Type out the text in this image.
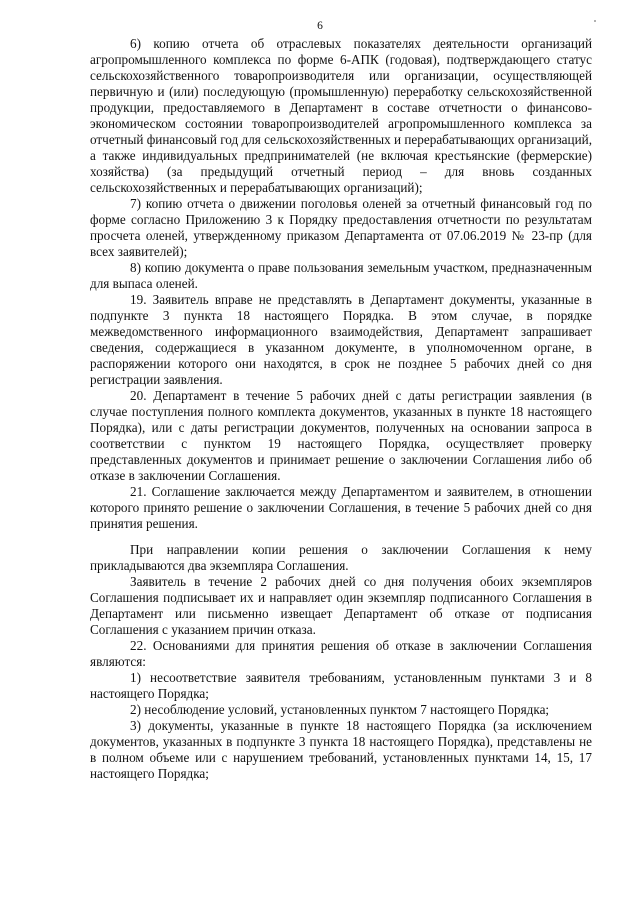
6

6) копию отчета об отраслевых показателях деятельности организаций агропромышленного комплекса по форме 6-АПК (годовая), подтверждающего статус сельскохозяйственного товаропроизводителя или организации, осуществляющей первичную и (или) последующую (промышленную) переработку сельскохозяйственной продукции, предоставляемого в Департамент в составе отчетности о финансово-экономическом состоянии товаропроизводителей агропромышленного комплекса за отчетный финансовый год для сельскохозяйственных и перерабатывающих организаций, а также индивидуальных предпринимателей (не включая крестьянские (фермерские) хозяйства) (за предыдущий отчетный период – для вновь созданных сельскохозяйственных и перерабатывающих организаций);

7) копию отчета о движении поголовья оленей за отчетный финансовый год по форме согласно Приложению 3 к Порядку предоставления отчетности по результатам просчета оленей, утвержденному приказом Департамента от 07.06.2019 № 23-пр (для всех заявителей);

8) копию документа о праве пользования земельным участком, предназначенным для выпаса оленей.

19. Заявитель вправе не представлять в Департамент документы, указанные в подпункте 3 пункта 18 настоящего Порядка. В этом случае, в порядке межведомственного информационного взаимодействия, Департамент запрашивает сведения, содержащиеся в указанном документе, в уполномоченном органе, в распоряжении которого они находятся, в срок не позднее 5 рабочих дней со дня регистрации заявления.

20. Департамент в течение 5 рабочих дней с даты регистрации заявления (в случае поступления полного комплекта документов, указанных в пункте 18 настоящего Порядка), или с даты регистрации документов, полученных на основании запроса в соответствии с пунктом 19 настоящего Порядка, осуществляет проверку представленных документов и принимает решение о заключении Соглашения либо об отказе в заключении Соглашения.

21. Соглашение заключается между Департаментом и заявителем, в отношении которого принято решение о заключении Соглашения, в течение 5 рабочих дней со дня принятия решения.

При направлении копии решения о заключении Соглашения к нему прикладываются два экземпляра Соглашения.

Заявитель в течение 2 рабочих дней со дня получения обоих экземпляров Соглашения подписывает их и направляет один экземпляр подписанного Соглашения в Департамент или письменно извещает Департамент об отказе от подписания Соглашения с указанием причин отказа.

22. Основаниями для принятия решения об отказе в заключении Соглашения являются:

1) несоответствие заявителя требованиям, установленным пунктами 3 и 8 настоящего Порядка;

2) несоблюдение условий, установленных пунктом 7 настоящего Порядка;

3) документы, указанные в пункте 18 настоящего Порядка (за исключением документов, указанных в подпункте 3 пункта 18 настоящего Порядка), представлены не в полном объеме или с нарушением требований, установленных пунктами 14, 15, 17 настоящего Порядка;
